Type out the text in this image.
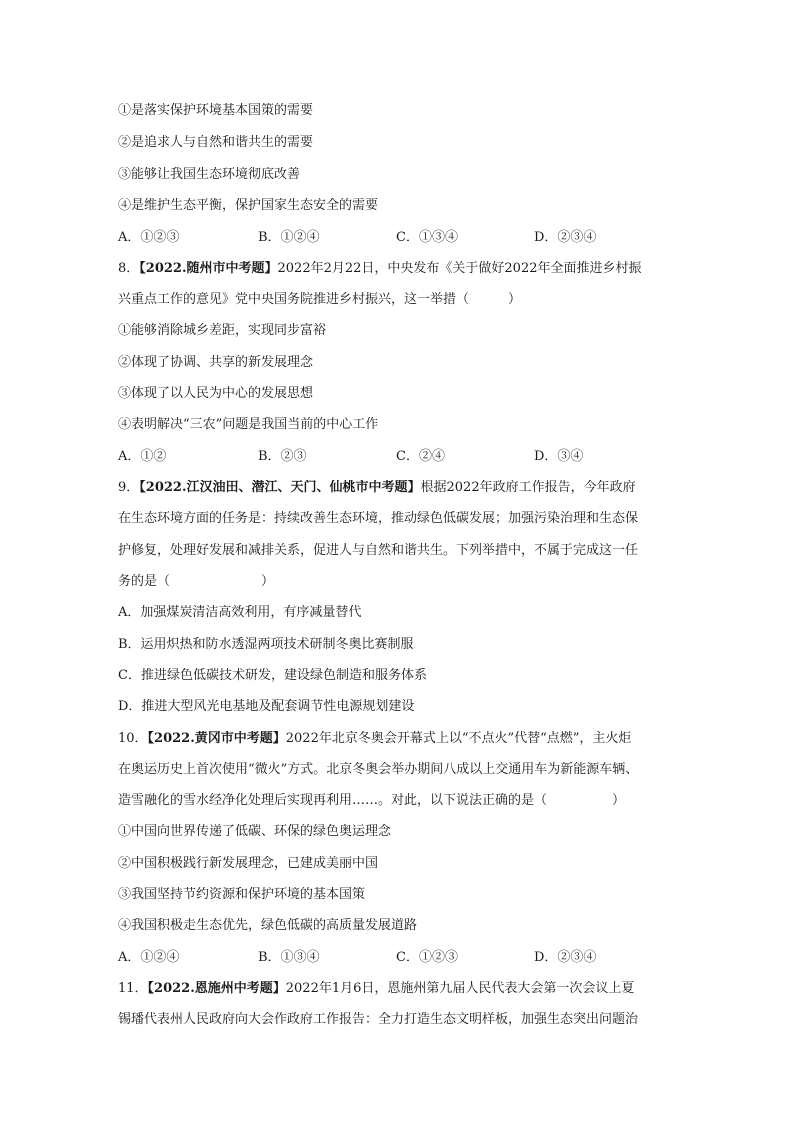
①是落实保护环境基本国策的需要
②是追求人与自然和谐共生的需要
③能够让我国生态环境彻底改善
④是维护生态平衡，保护国家生态安全的需要
A．①②③	B．①②④	C．①③④	D．②③④
8．【2022.随州市中考题】2022年2月22日，中央发布《关于做好2022年全面推进乡村振
兴重点工作的意见》党中央国务院推进乡村振兴，这一举措（　　　）
①能够消除城乡差距，实现同步富裕
②体现了协调、共享的新发展理念
③体现了以人民为中心的发展思想
④表明解决“三农”问题是我国当前的中心工作
A．①②	B．②③	C．②④	D．③④
9．【2022.江汉油田、潜江、天门、仙桃市中考题】根据2022年政府工作报告，今年政府
在生态环境方面的任务是：持续改善生态环境，推动绿色低碳发展；加强污染治理和生态保
护修复，处理好发展和减排关系，促进人与自然和谐共生。下列举措中，不属于完成这一任
务的是（　　　　　　　）
A．加强煤炭清洁高效利用，有序减量替代
B．运用炽热和防水透湿两项技术研制冬奥比赛制服
C．推进绿色低碳技术研发，建设绿色制造和服务体系
D．推进大型风光电基地及配套调节性电源规划建设
10．【2022.黄冈市中考题】2022年北京冬奥会开幕式上以“不点火”代替“点燃”，主火炬
在奥运历史上首次使用“微火”方式。北京冬奥会举办期间八成以上交通用车为新能源车辆、
造雪融化的雪水经净化处理后实现再利用……。对此，以下说法正确的是（　　　　　）
①中国向世界传递了低碳、环保的绿色奥运理念
②中国积极践行新发展理念，已建成美丽中国
③我国坚持节约资源和保护环境的基本国策
④我国积极走生态优先，绿色低碳的高质量发展道路
A．①②④	B．①③④	C．①②③	D．②③④
11．【2022.恩施州中考题】2022年1月6日，恩施州第九届人民代表大会第一次会议上夏
锡璠代表州人民政府向大会作政府工作报告：全力打造生态文明样板，加强生态突出问题治
